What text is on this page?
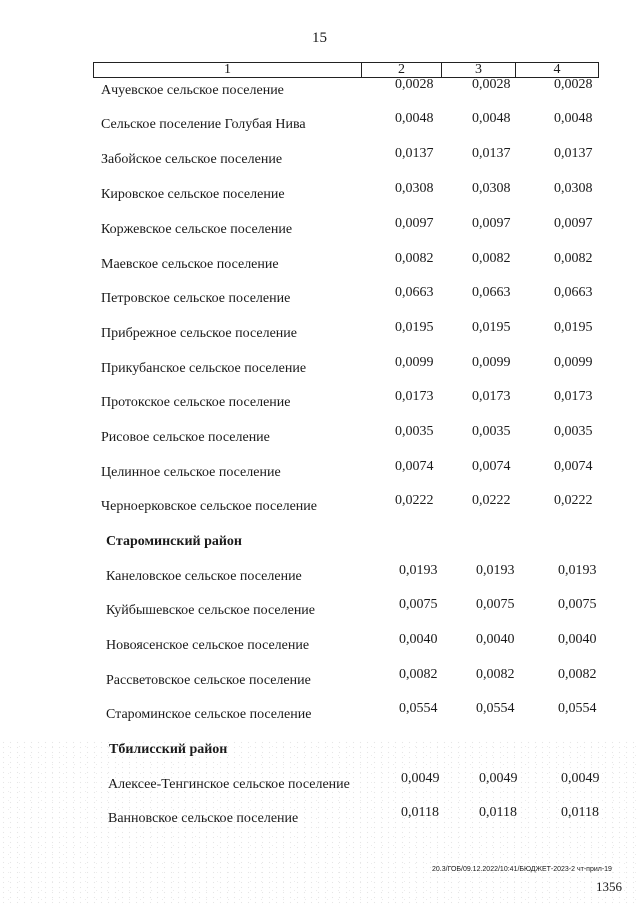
15
1	2	3	4
Ачуевское сельское поселение	0,0028	0,0028	0,0028
Сельское поселение Голубая Нива	0,0048	0,0048	0,0048
Забойское сельское поселение	0,0137	0,0137	0,0137
Кировское сельское поселение	0,0308	0,0308	0,0308
Коржевское сельское поселение	0,0097	0,0097	0,0097
Маевское сельское поселение	0,0082	0,0082	0,0082
Петровское сельское поселение	0,0663	0,0663	0,0663
Прибрежное сельское поселение	0,0195	0,0195	0,0195
Прикубанское сельское поселение	0,0099	0,0099	0,0099
Протокское сельское поселение	0,0173	0,0173	0,0173
Рисовое сельское поселение	0,0035	0,0035	0,0035
Целинное сельское поселение	0,0074	0,0074	0,0074
Черноерковское сельское поселение	0,0222	0,0222	0,0222
Староминский район
Канеловское сельское поселение	0,0193	0,0193	0,0193
Куйбышевское сельское поселение	0,0075	0,0075	0,0075
Новоясенское сельское поселение	0,0040	0,0040	0,0040
Рассветовское сельское поселение	0,0082	0,0082	0,0082
Староминское сельское поселение	0,0554	0,0554	0,0554
Тбилисский район
Алексее-Тенгинское сельское поселение	0,0049	0,0049	0,0049
Ванновское сельское поселение	0,0118	0,0118	0,0118
20.3/ГОБ/09.12.2022/10:41/БЮДЖЕТ-2023-2 чт-прил-19
1356
